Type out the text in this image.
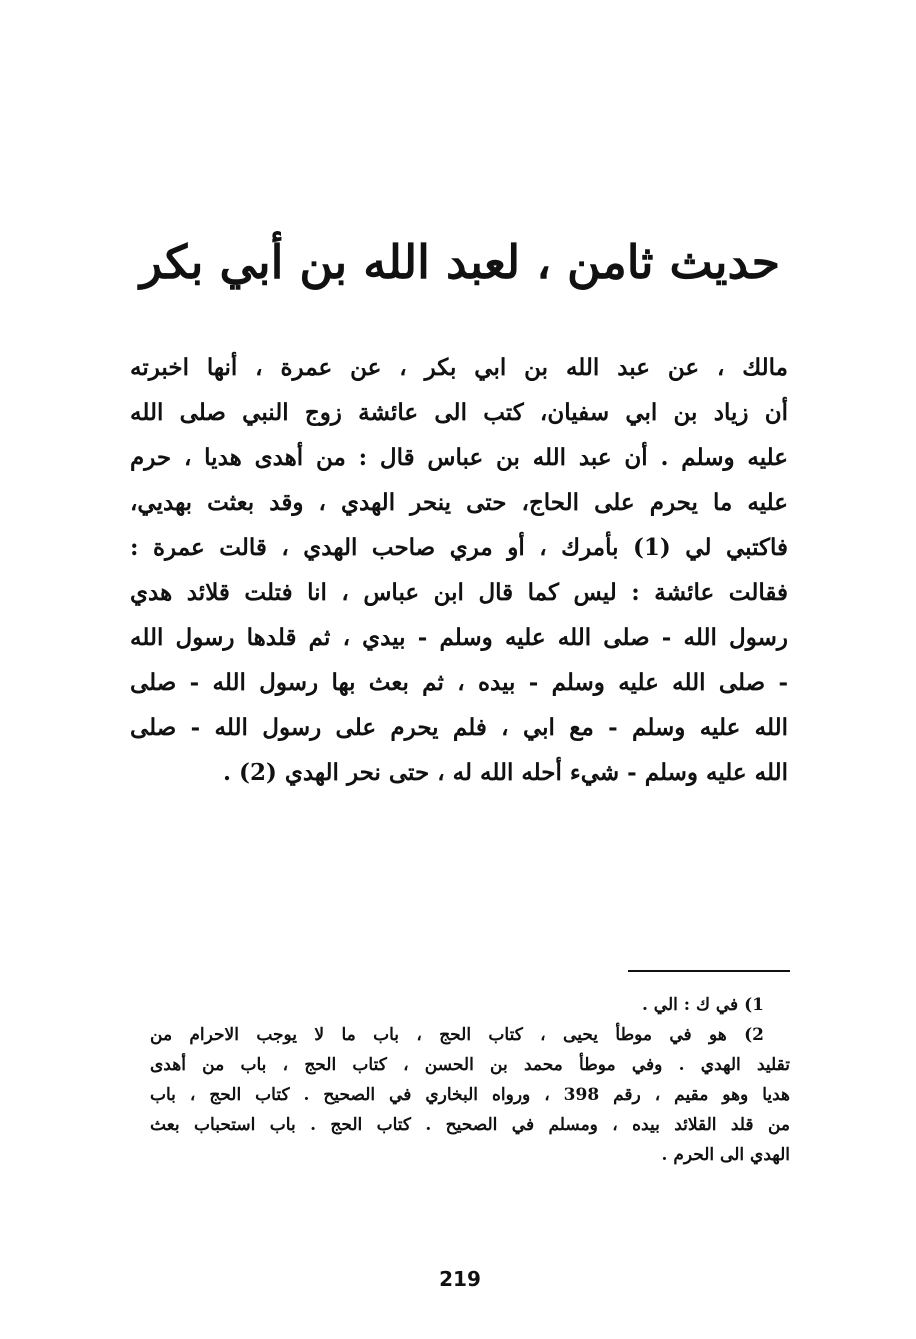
حديث ثامن ، لعبد الله بن أبي بكر
مالك ، عن عبد الله بن ابي بكر ، عن عمرة ، أنها اخبرته
أن زياد بن ابي سفيان، كتب الى عائشة زوج النبي صلى الله
عليه وسلم . أن عبد الله بن عباس قال : من أهدى هديا ، حرم
عليه ما يحرم على الحاج، حتى ينحر الهدي ، وقد بعثت بهديي،
فاكتبي لي (1) بأمرك ، أو مري صاحب الهدي ، قالت عمرة :
فقالت عائشة : ليس كما قال ابن عباس ، انا فتلت قلائد هدي
رسول الله - صلى الله عليه وسلم - بيدي ، ثم قلدها رسول الله
- صلى الله عليه وسلم - بيده ، ثم بعث بها رسول الله - صلى
الله عليه وسلم - مع ابي ، فلم يحرم على رسول الله - صلى
الله عليه وسلم - شيء أحله الله له ، حتى نحر الهدي (2) .
1) في ك : الي .
2) هو في موطأ يحيى ، كتاب الحج ، باب ما لا يوجب الاحرام من
تقليد الهدي . وفي موطأ محمد بن الحسن ، كتاب الحج ، باب من أهدى
هديا وهو مقيم ، رقم 398 ، ورواه البخاري في الصحيح . كتاب الحج ، باب
من قلد القلائد بيده ، ومسلم في الصحيح . كتاب الحج . باب استحباب بعث
الهدي الى الحرم .
219
